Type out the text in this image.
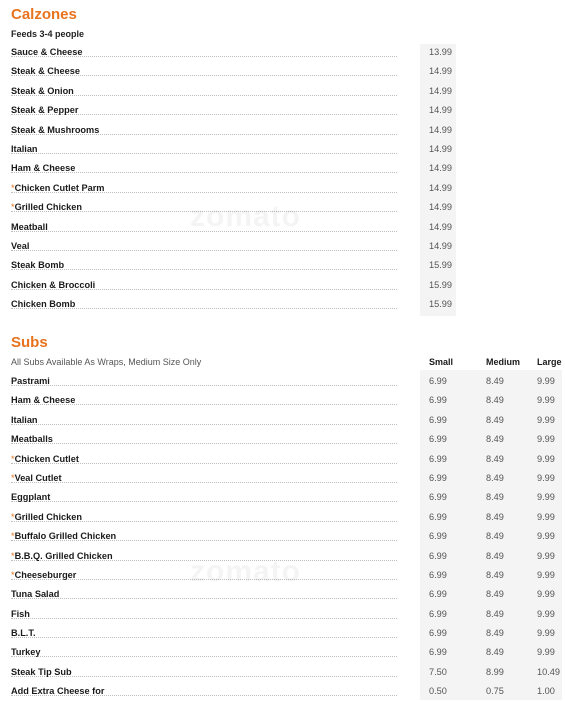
Calzones
Feeds 3-4 people
Sauce & Cheese	13.99
Steak & Cheese	14.99
Steak & Onion	14.99
Steak & Pepper	14.99
Steak & Mushrooms	14.99
Italian	14.99
Ham & Cheese	14.99
*Chicken Cutlet Parm	14.99
*Grilled Chicken	14.99
Meatball	14.99
Veal	14.99
Steak Bomb	15.99
Chicken & Broccoli	15.99
Chicken Bomb	15.99
Subs
All Subs Available As Wraps, Medium Size Only	Small	Medium Large
Pastrami	6.99	8.49	9.99
Ham & Cheese	6.99	8.49	9.99
Italian	6.99	8.49	9.99
Meatballs	6.99	8.49	9.99
*Chicken Cutlet	6.99	8.49	9.99
*Veal Cutlet	6.99	8.49	9.99
Eggplant	6.99	8.49	9.99
*Grilled Chicken	6.99	8.49	9.99
*Buffalo Grilled Chicken	6.99	8.49	9.99
*B.B.Q. Grilled Chicken	6.99	8.49	9.99
*Cheeseburger	6.99	8.49	9.99
Tuna Salad	6.99	8.49	9.99
Fish	6.99	8.49	9.99
B.L.T.	6.99	8.49	9.99
Turkey	6.99	8.49	9.99
Steak Tip Sub	7.50	8.99	10.49
Add Extra Cheese for	0.50	0.75	1.00
